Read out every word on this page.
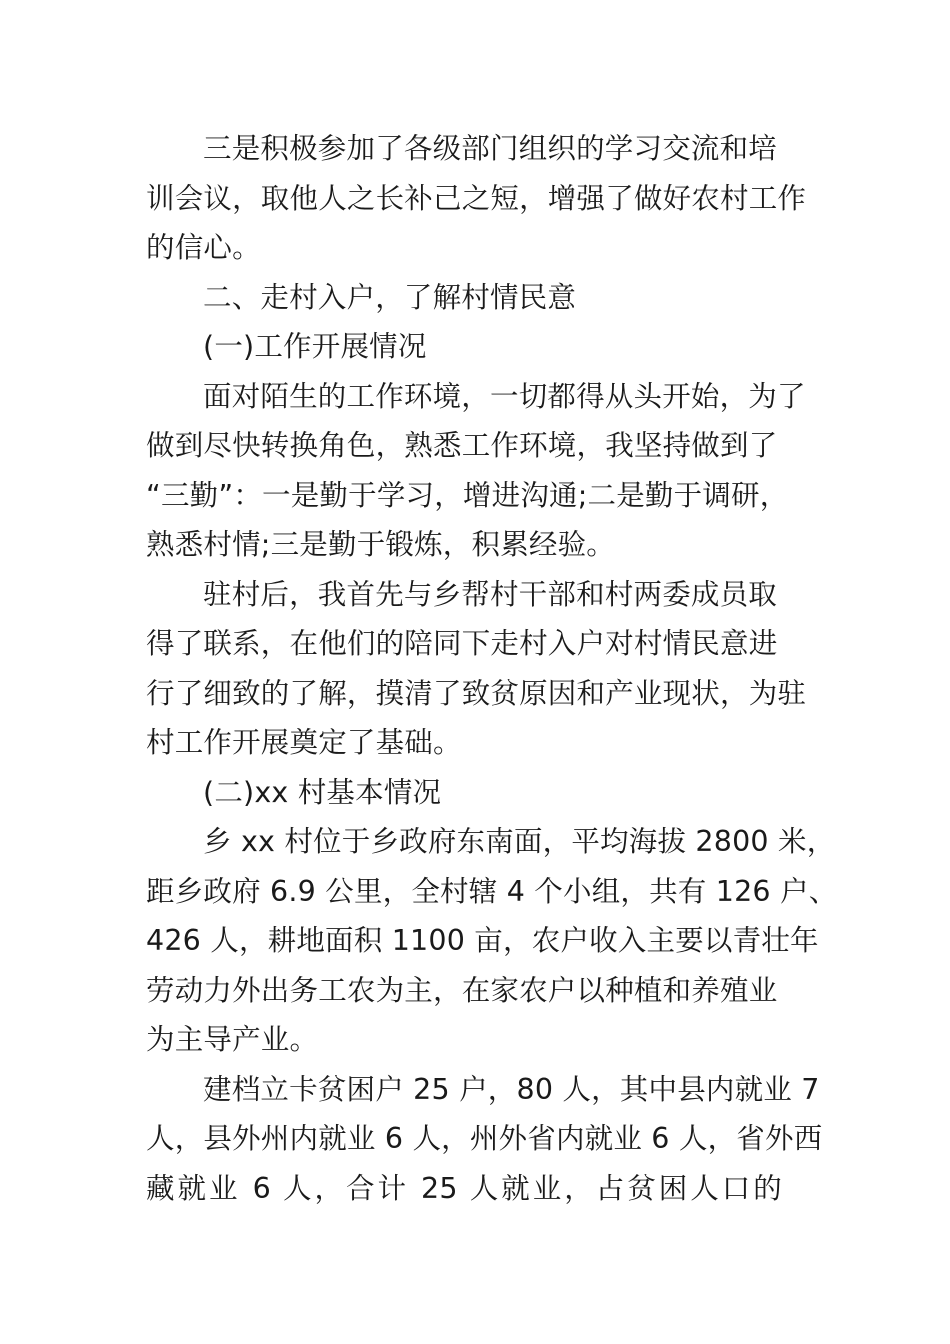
三是积极参加了各级部门组织的学习交流和培
训会议，取他人之长补己之短，增强了做好农村工作
的信心。

二、走村入户，了解村情民意

(一)工作开展情况

面对陌生的工作环境，一切都得从头开始，为了
做到尽快转换角色，熟悉工作环境，我坚持做到了
“三勤”：一是勤于学习，增进沟通;二是勤于调研，
熟悉村情;三是勤于锻炼，积累经验。

驻村后，我首先与乡帮村干部和村两委成员取
得了联系，在他们的陪同下走村入户对村情民意进
行了细致的了解，摸清了致贫原因和产业现状，为驻
村工作开展奠定了基础。

(二)xx 村基本情况

乡 xx 村位于乡政府东南面，平均海拔 2800 米，
距乡政府 6.9 公里，全村辖 4 个小组，共有 126 户、
426 人，耕地面积 1100 亩，农户收入主要以青壮年
劳动力外出务工农为主，在家农户以种植和养殖业
为主导产业。

建档立卡贫困户 25 户，80 人，其中县内就业 7
人，县外州内就业 6 人，州外省内就业 6 人，省外西
藏就业 6 人，合计 25 人就业，占贫困人口的
